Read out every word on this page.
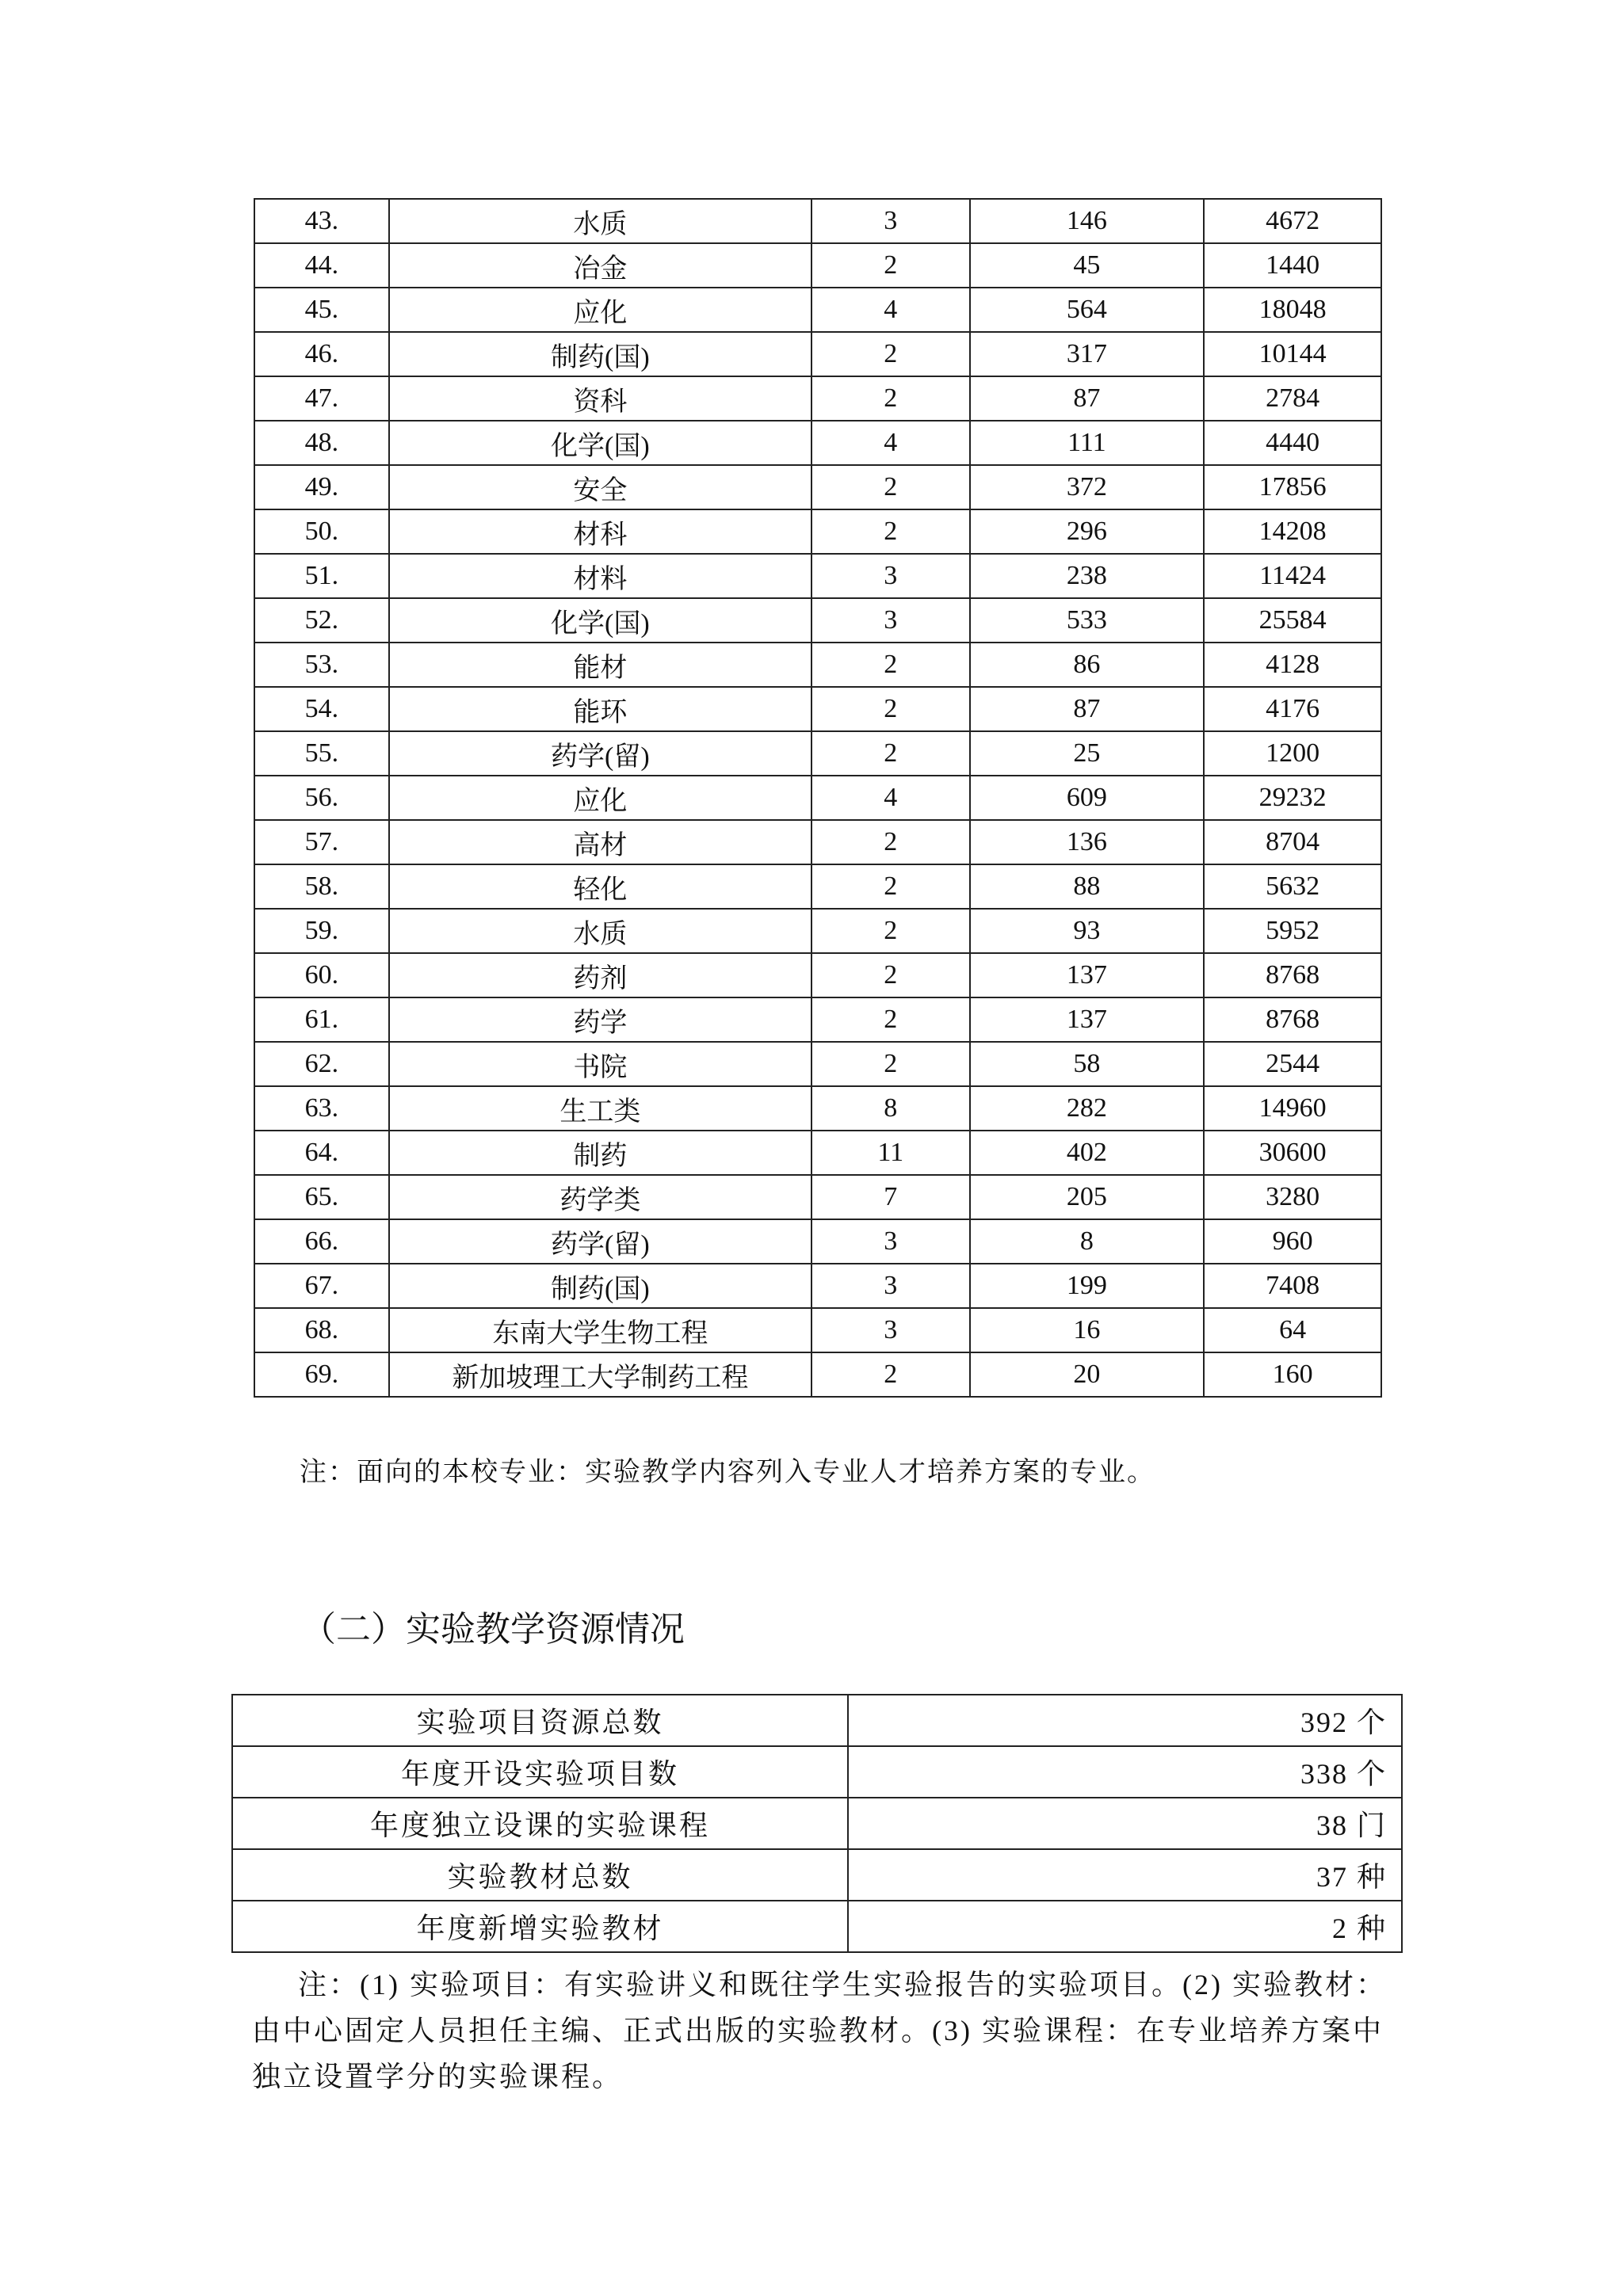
43.	水质	3	146	4672
44.	冶金	2	45	1440
45.	应化	4	564	18048
46.	制药(国)	2	317	10144
47.	资科	2	87	2784
48.	化学(国)	4	111	4440
49.	安全	2	372	17856
50.	材科	2	296	14208
51.	材料	3	238	11424
52.	化学(国)	3	533	25584
53.	能材	2	86	4128
54.	能环	2	87	4176
55.	药学(留)	2	25	1200
56.	应化	4	609	29232
57.	高材	2	136	8704
58.	轻化	2	88	5632
59.	水质	2	93	5952
60.	药剂	2	137	8768
61.	药学	2	137	8768
62.	书院	2	58	2544
63.	生工类	8	282	14960
64.	制药	11	402	30600
65.	药学类	7	205	3280
66.	药学(留)	3	8	960
67.	制药(国)	3	199	7408
68.	东南大学生物工程	3	16	64
69.	新加坡理工大学制药工程	2	20	160
注：面向的本校专业：实验教学内容列入专业人才培养方案的专业。
（二）实验教学资源情况
实验项目资源总数	392 个
年度开设实验项目数	338 个
年度独立设课的实验课程	38 门
实验教材总数	37 种
年度新增实验教材	2 种
注：(1) 实验项目：有实验讲义和既往学生实验报告的实验项目。(2) 实验教材：由中心固定人员担任主编、正式出版的实验教材。(3) 实验课程：在专业培养方案中独立设置学分的实验课程。
